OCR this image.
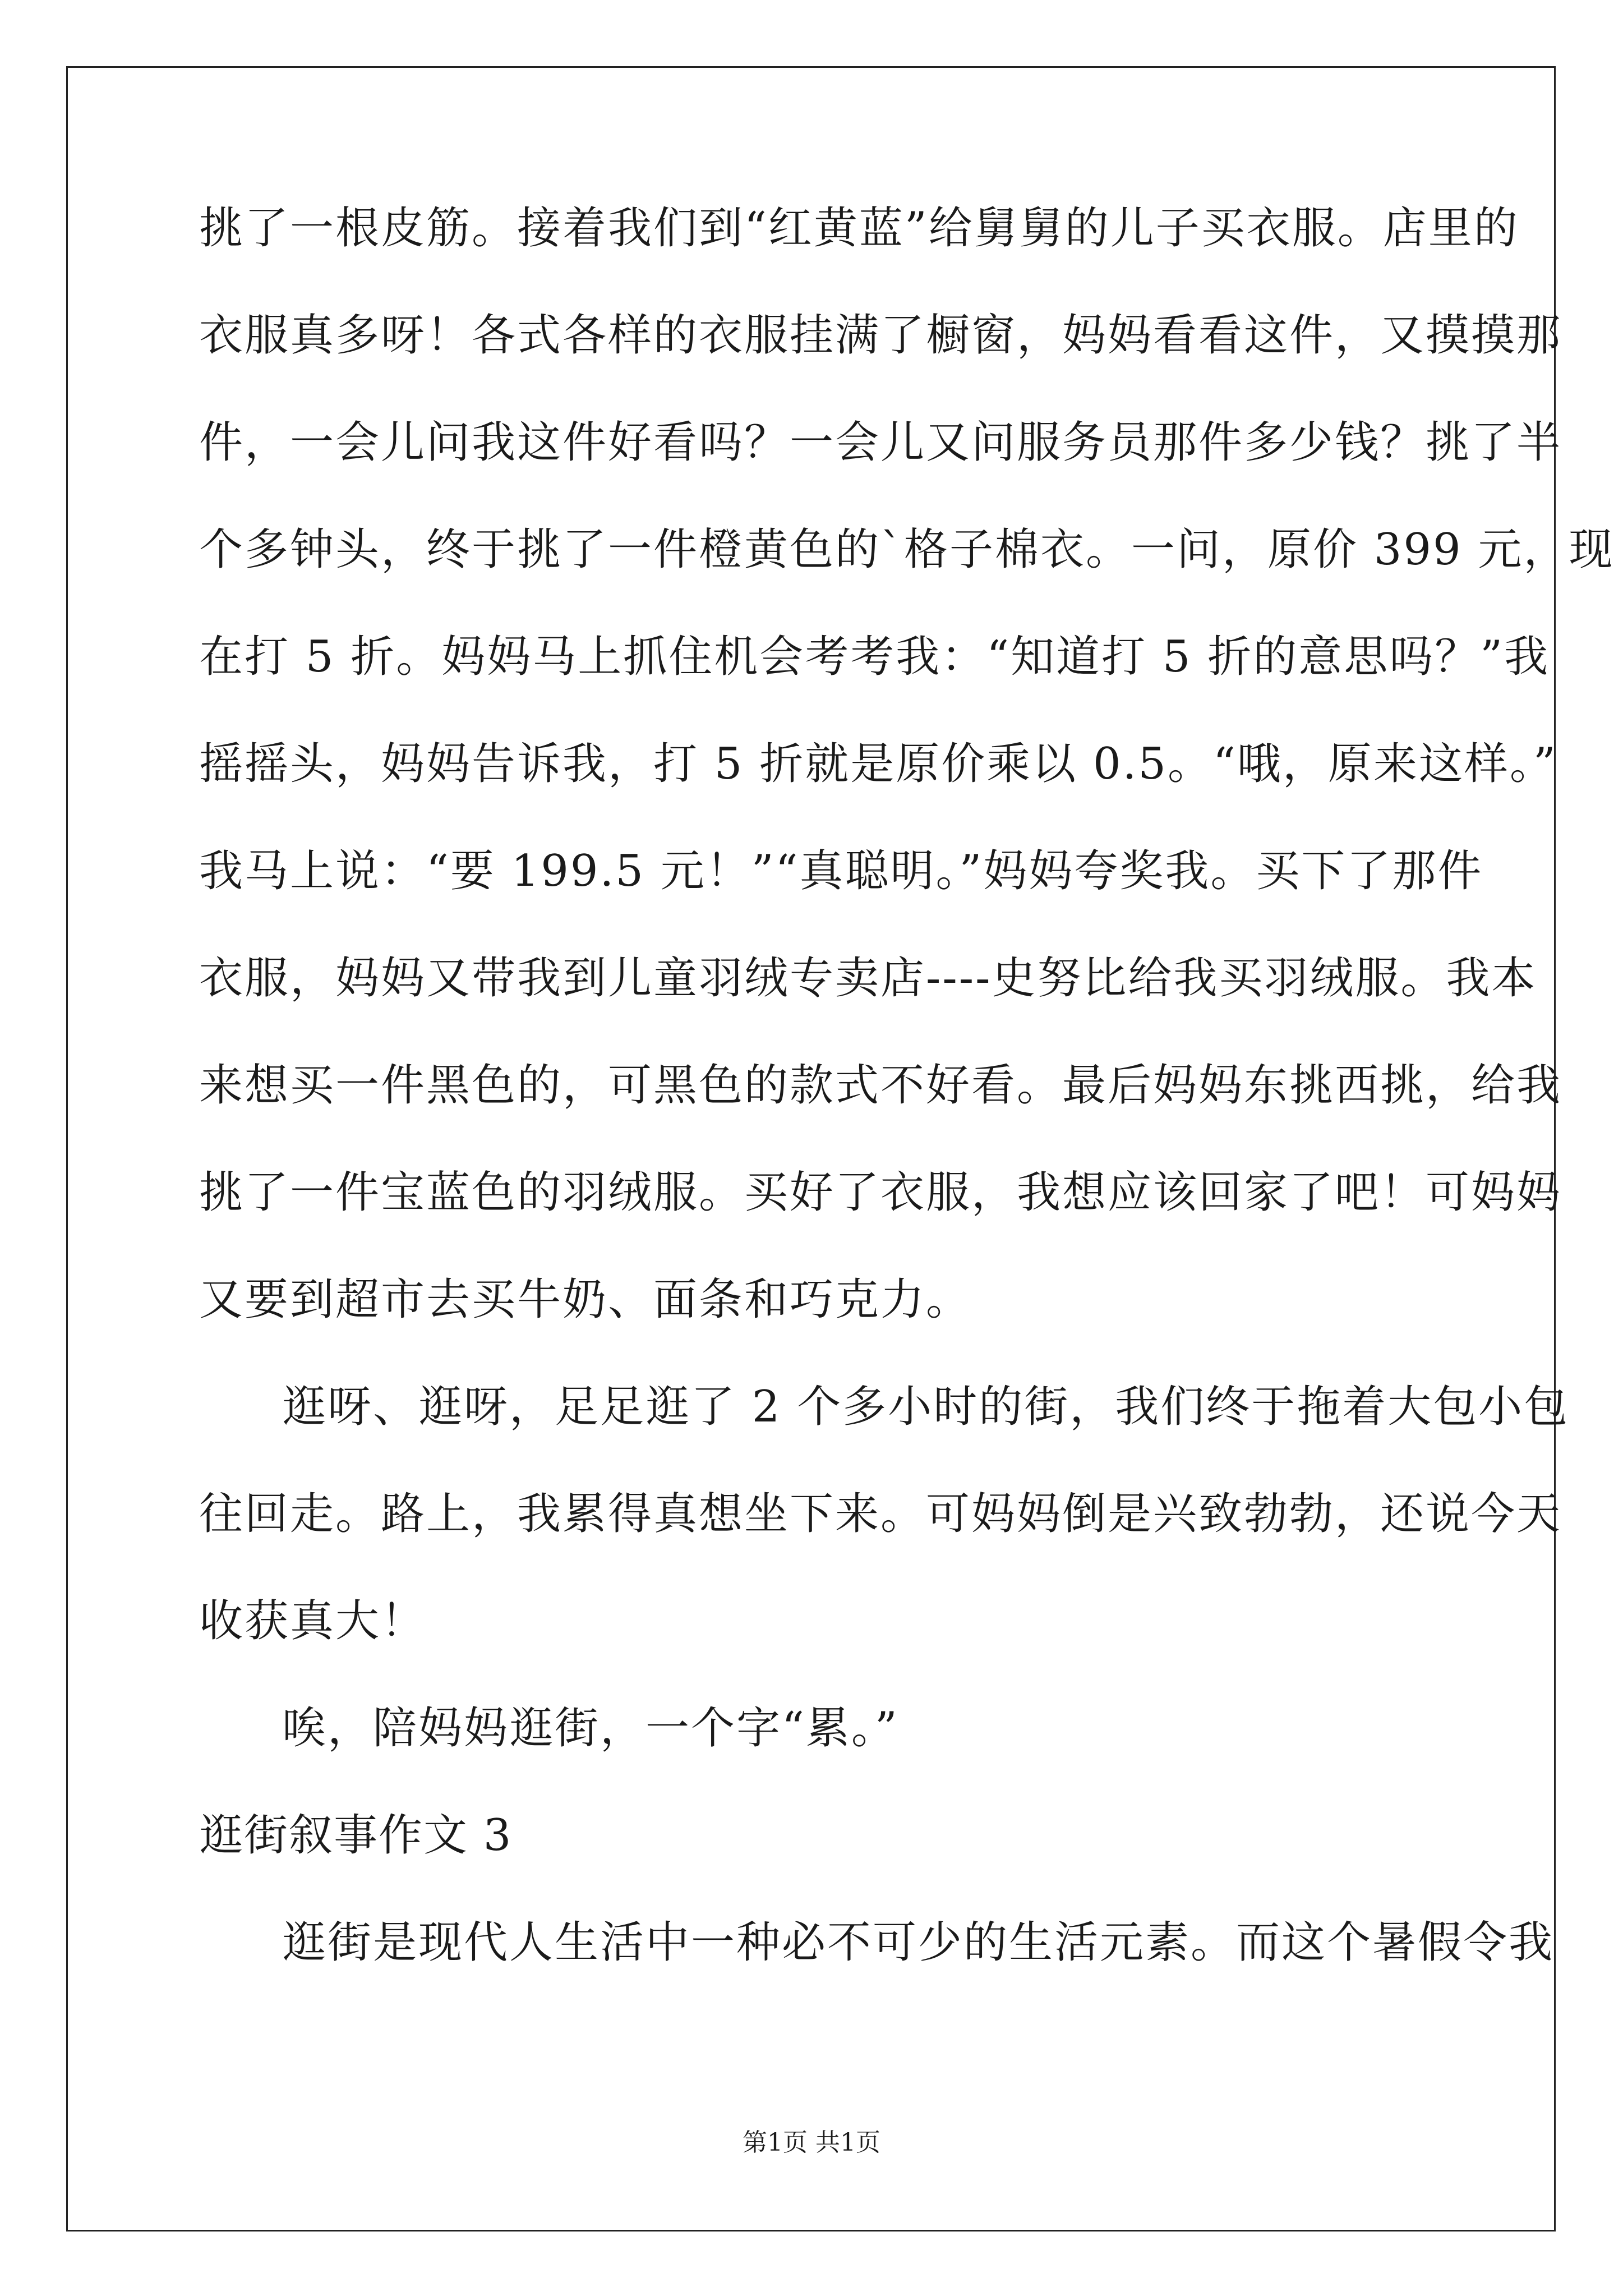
挑了一根皮筋。接着我们到“红黄蓝”给舅舅的儿子买衣服。店里的
衣服真多呀！各式各样的衣服挂满了橱窗，妈妈看看这件，又摸摸那
件，一会儿问我这件好看吗？一会儿又问服务员那件多少钱？挑了半
个多钟头，终于挑了一件橙黄色的`格子棉衣。一问，原价 399 元，现
在打 5 折。妈妈马上抓住机会考考我：“知道打 5 折的意思吗？”我
摇摇头，妈妈告诉我，打 5 折就是原价乘以 0.5。“哦，原来这样。”
我马上说：“要 199.5 元！”“真聪明。”妈妈夸奖我。买下了那件
衣服，妈妈又带我到儿童羽绒专卖店----史努比给我买羽绒服。我本
来想买一件黑色的，可黑色的款式不好看。最后妈妈东挑西挑，给我
挑了一件宝蓝色的羽绒服。买好了衣服，我想应该回家了吧！可妈妈
又要到超市去买牛奶、面条和巧克力。
逛呀、逛呀，足足逛了 2 个多小时的街，我们终于拖着大包小包
往回走。路上，我累得真想坐下来。可妈妈倒是兴致勃勃，还说今天
收获真大！
唉，陪妈妈逛街，一个字“累。”
逛街叙事作文 3
逛街是现代人生活中一种必不可少的生活元素。而这个暑假令我
第1页 共1页
